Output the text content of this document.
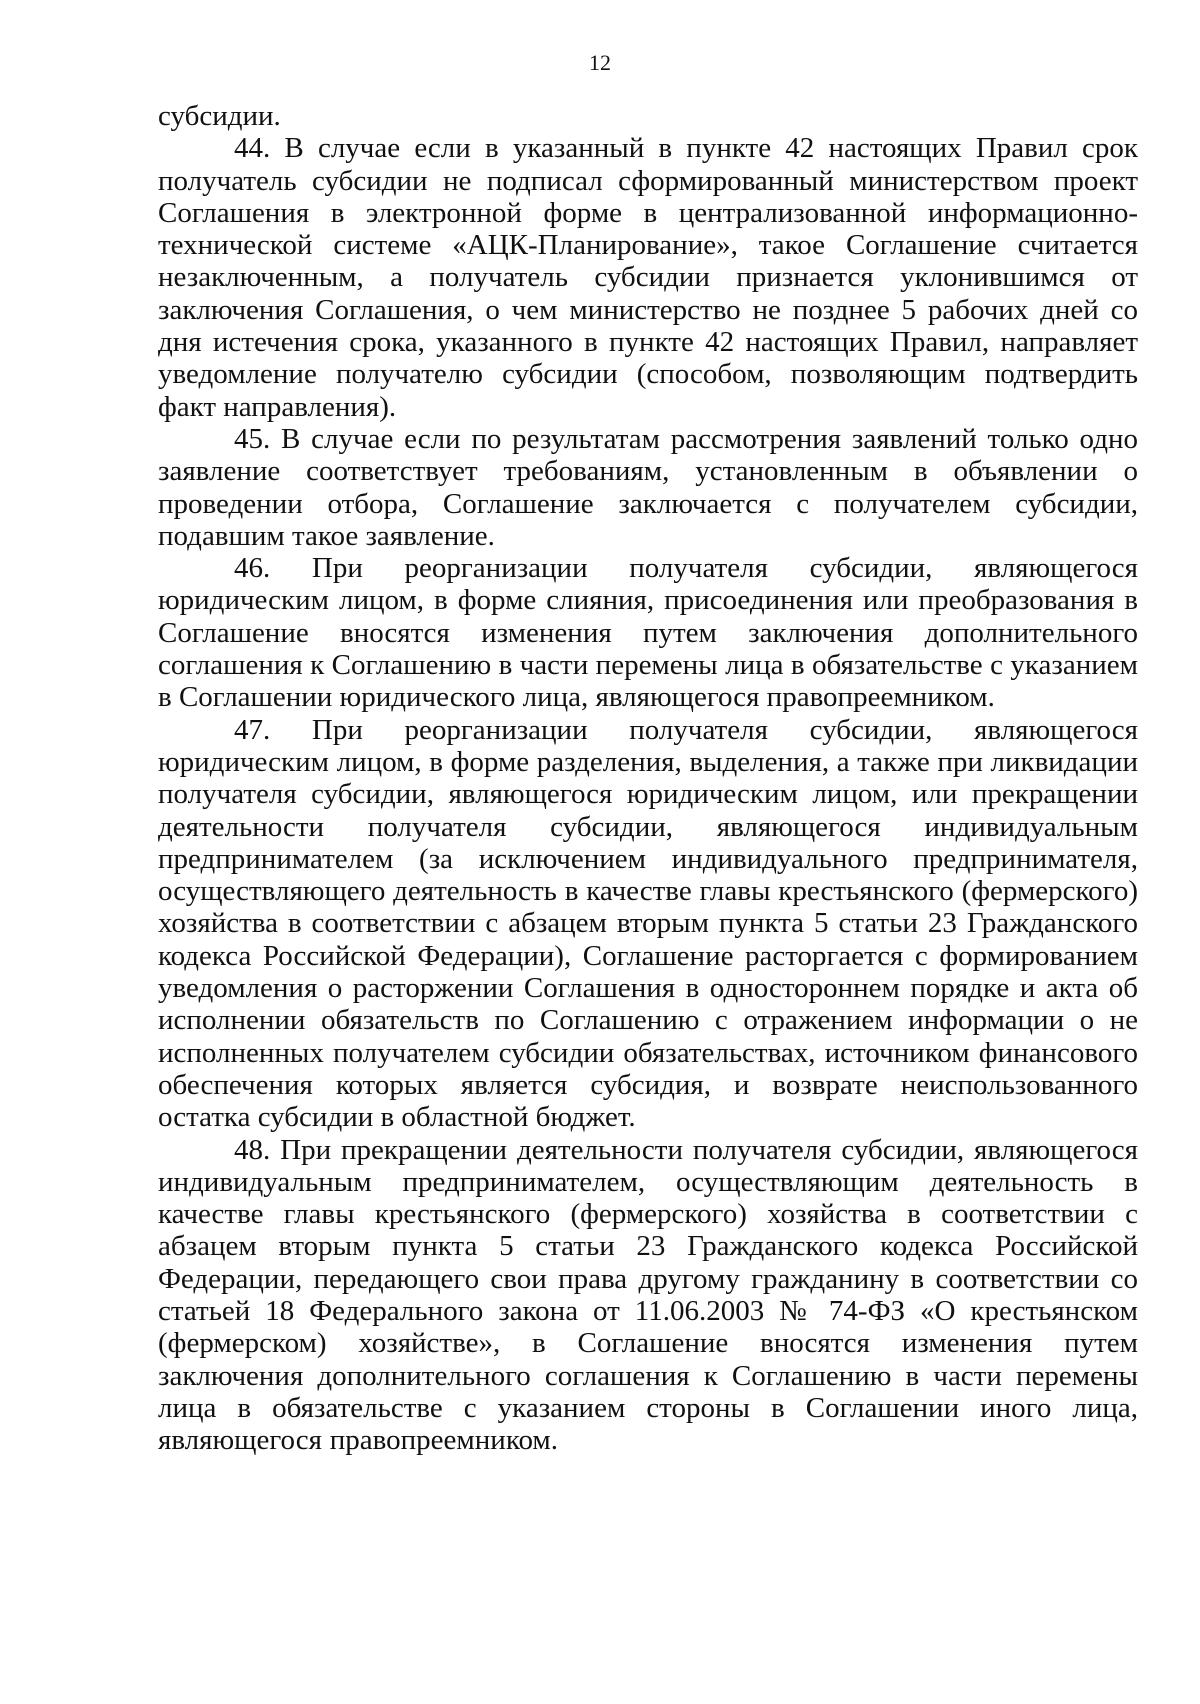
12

субсидии.

44. В случае если в указанный в пункте 42 настоящих Правил срок получатель субсидии не подписал сформированный министерством проект Соглашения в электронной форме в централизованной информационно-технической системе «АЦК-Планирование», такое Соглашение считается незаключенным, а получатель субсидии признается уклонившимся от заключения Соглашения, о чем министерство не позднее 5 рабочих дней со дня истечения срока, указанного в пункте 42 настоящих Правил, направляет уведомление получателю субсидии (способом, позволяющим подтвердить факт направления).

45. В случае если по результатам рассмотрения заявлений только одно заявление соответствует требованиям, установленным в объявлении о проведении отбора, Соглашение заключается с получателем субсидии, подавшим такое заявление.

46. При реорганизации получателя субсидии, являющегося юридическим лицом, в форме слияния, присоединения или преобразования в Соглашение вносятся изменения путем заключения дополнительного соглашения к Соглашению в части перемены лица в обязательстве с указанием в Соглашении юридического лица, являющегося правопреемником.

47. При реорганизации получателя субсидии, являющегося юридическим лицом, в форме разделения, выделения, а также при ликвидации получателя субсидии, являющегося юридическим лицом, или прекращении деятельности получателя субсидии, являющегося индивидуальным предпринимателем (за исключением индивидуального предпринимателя, осуществляющего деятельность в качестве главы крестьянского (фермерского) хозяйства в соответствии с абзацем вторым пункта 5 статьи 23 Гражданского кодекса Российской Федерации), Соглашение расторгается с формированием уведомления о расторжении Соглашения в одностороннем порядке и акта об исполнении обязательств по Соглашению с отражением информации о не исполненных получателем субсидии обязательствах, источником финансового обеспечения которых является субсидия, и возврате неиспользованного остатка субсидии в областной бюджет.

48. При прекращении деятельности получателя субсидии, являющегося индивидуальным предпринимателем, осуществляющим деятельность в качестве главы крестьянского (фермерского) хозяйства в соответствии с абзацем вторым пункта 5 статьи 23 Гражданского кодекса Российской Федерации, передающего свои права другому гражданину в соответствии со статьей 18 Федерального закона от 11.06.2003 № 74-ФЗ «О крестьянском (фермерском) хозяйстве», в Соглашение вносятся изменения путем заключения дополнительного соглашения к Соглашению в части перемены лица в обязательстве с указанием стороны в Соглашении иного лица, являющегося правопреемником.
